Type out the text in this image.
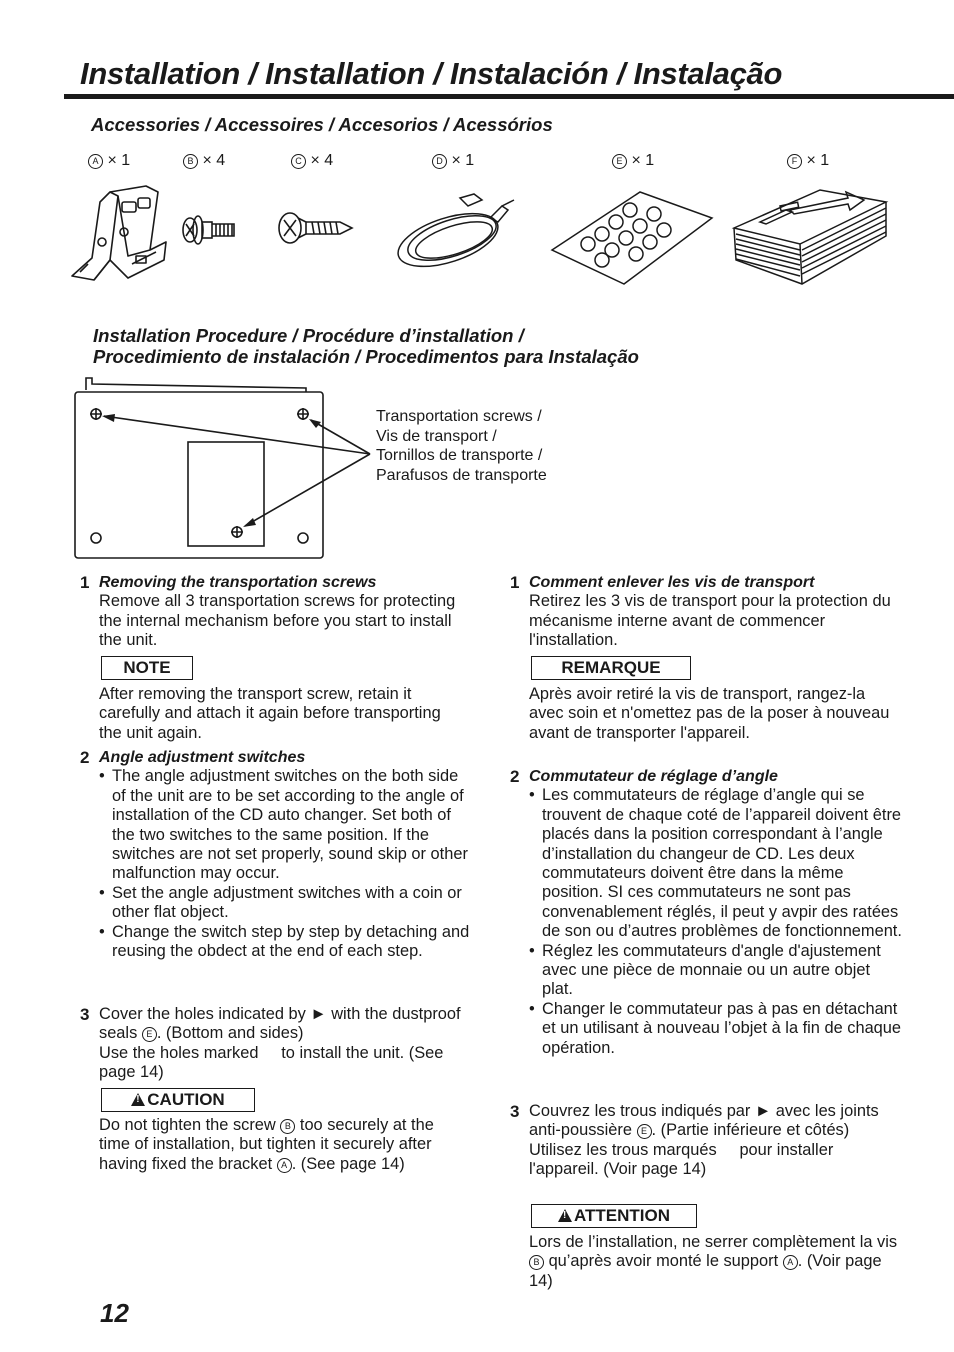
Installation / Installation / Instalación / Instalação
Accessories / Accessoires / Accesorios / Acessórios
A × 1	B × 4	C × 4	D × 1	E × 1	F × 1
Installation Procedure / Procédure d’installation /
Procedimiento de instalación / Procedimentos para Instalação
Transportation screws /
Vis de transport /
Tornillos de transporte /
Parafusos de transporte
1 Removing the transportation screws

Remove all 3 transportation screws for protecting the internal mechanism before you start to install the unit.

NOTE

After removing the transport screw, retain it carefully and attach it again before transporting the unit again.

2 Angle adjustment switches

• The angle adjustment switches on the both side of the unit are to be set according to the angle of installation of the CD auto changer. Set both of the two switches to the same position. If the switches are not set properly, sound skip or other malfunction may occur.

• Set the angle adjustment switches with a coin or other flat object.

• Change the switch step by step by detaching and reusing the obdect at the end of each step.

3 Cover the holes indicated by ► with the dustproof seals E . (Bottom and sides)
Use the holes marked to install the unit. (See page 14)

!CAUTION

Do not tighten the screw B too securely at the time of installation, but tighten it securely after having fixed the bracket A . (See page 14)

1 Comment enlever les vis de transport

Retirez les 3 vis de transport pour la protection du mécanisme interne avant de commencer l'installation.

REMARQUE

Après avoir retiré la vis de transport, rangez-la avec soin et n'omettez pas de la poser à nouveau avant de transporter l'appareil.

2 Commutateur de réglage d’angle

• Les commutateurs de réglage d’angle qui se trouvent de chaque coté de l’appareil doivent être placés dans la position correspondant à l’angle d’installation du changeur de CD. Les deux commutateurs doivent être dans la même position. SI ces commutateurs ne sont pas convenablement réglés, il peut y avpir des ratées de son ou d’autres problèmes de fonctionnement.

• Réglez les commutateurs d'angle d'ajustement avec une pièce de monnaie ou un autre objet plat.

• Changer le commutateur pas à pas en détachant et un utilisant à nouveau l’objet à la fin de chaque opération.

3 Couvrez les trous indiqués par ► avec les joints anti-poussière E . (Partie inférieure et côtés)
Utilisez les trous marqués pour installer l'appareil. (Voir page 14)

!ATTENTION

Lors de l’installation, ne serrer complètement la vis B qu’après avoir monté le support A . (Voir page 14)

12
